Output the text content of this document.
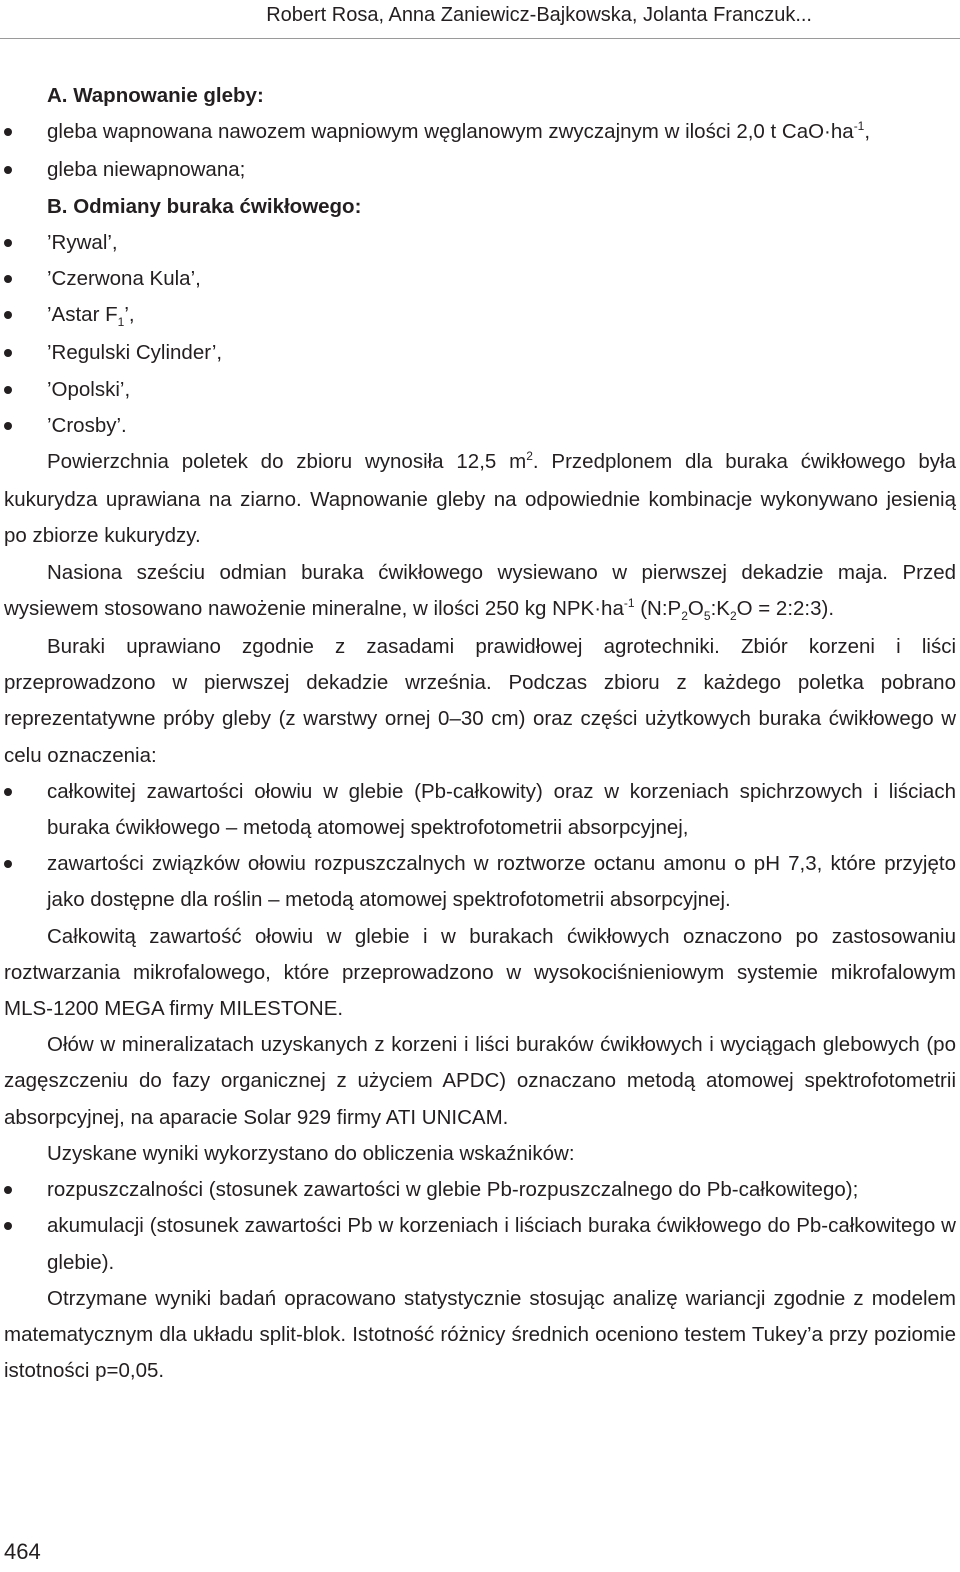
Robert Rosa, Anna Zaniewicz-Bajkowska, Jolanta Franczuk...

A. Wapnowanie gleby:

gleba wapnowana nawozem wapniowym węglanowym zwyczajnym w ilości 2,0 t $CaO\cdot ha^{-1}$,
gleba niewapnowana;

B. Odmiany buraka ćwikłowego:

’Rywal’,
’Czerwona Kula’,
’Astar $F_1$’,
’Regulski Cylinder’,
’Opolski’,
’Crosby’.

Powierzchnia poletek do zbioru wynosiła 12,5 $m^2$. Przedplonem dla buraka ćwikłowego była kukurydza uprawiana na ziarno. Wapnowanie gleby na odpowiednie kombinacje wykonywano jesienią po zbiorze kukurydzy.

Nasiona sześciu odmian buraka ćwikłowego wysiewano w pierwszej dekadzie maja. Przed wysiewem stosowano nawożenie mineralne, w ilości 250 kg $NPK\cdot ha^{-1}$ ($N:P_2O_5:K_2O$ = 2:2:3).

Buraki uprawiano zgodnie z zasadami prawidłowej agrotechniki. Zbiór korzeni i liści przeprowadzono w pierwszej dekadzie września. Podczas zbioru z każdego poletka pobrano reprezentatywne próby gleby (z warstwy ornej 0–30 cm) oraz części użytkowych buraka ćwikłowego w celu oznaczenia:

całkowitej zawartości ołowiu w glebie (Pb-całkowity) oraz w korzeniach spichrzowych i liściach buraka ćwikłowego – metodą atomowej spektrofotometrii absorpcyjnej,
zawartości związków ołowiu rozpuszczalnych w roztworze octanu amonu o pH 7,3, które przyjęto jako dostępne dla roślin – metodą atomowej spektrofotometrii absorpcyjnej.

Całkowitą zawartość ołowiu w glebie i w burakach ćwikłowych oznaczono po zastosowaniu roztwarzania mikrofalowego, które przeprowadzono w wysokociśnieniowym systemie mikrofalowym MLS-1200 MEGA firmy MILESTONE.

Ołów w mineralizatach uzyskanych z korzeni i liści buraków ćwikłowych i wyciągach glebowych (po zagęszczeniu do fazy organicznej z użyciem APDC) oznaczano metodą atomowej spektrofotometrii absorpcyjnej, na aparacie Solar 929 firmy ATI UNICAM.

Uzyskane wyniki wykorzystano do obliczenia wskaźników:

rozpuszczalności (stosunek zawartości w glebie Pb-rozpuszczalnego do Pb-całkowitego);
akumulacji (stosunek zawartości Pb w korzeniach i liściach buraka ćwikłowego do Pb-całkowitego w glebie).

Otrzymane wyniki badań opracowano statystycznie stosując analizę wariancji zgodnie z modelem matematycznym dla układu split-blok. Istotność różnicy średnich oceniono testem Tukey’a przy poziomie istotności p=0,05.

464
